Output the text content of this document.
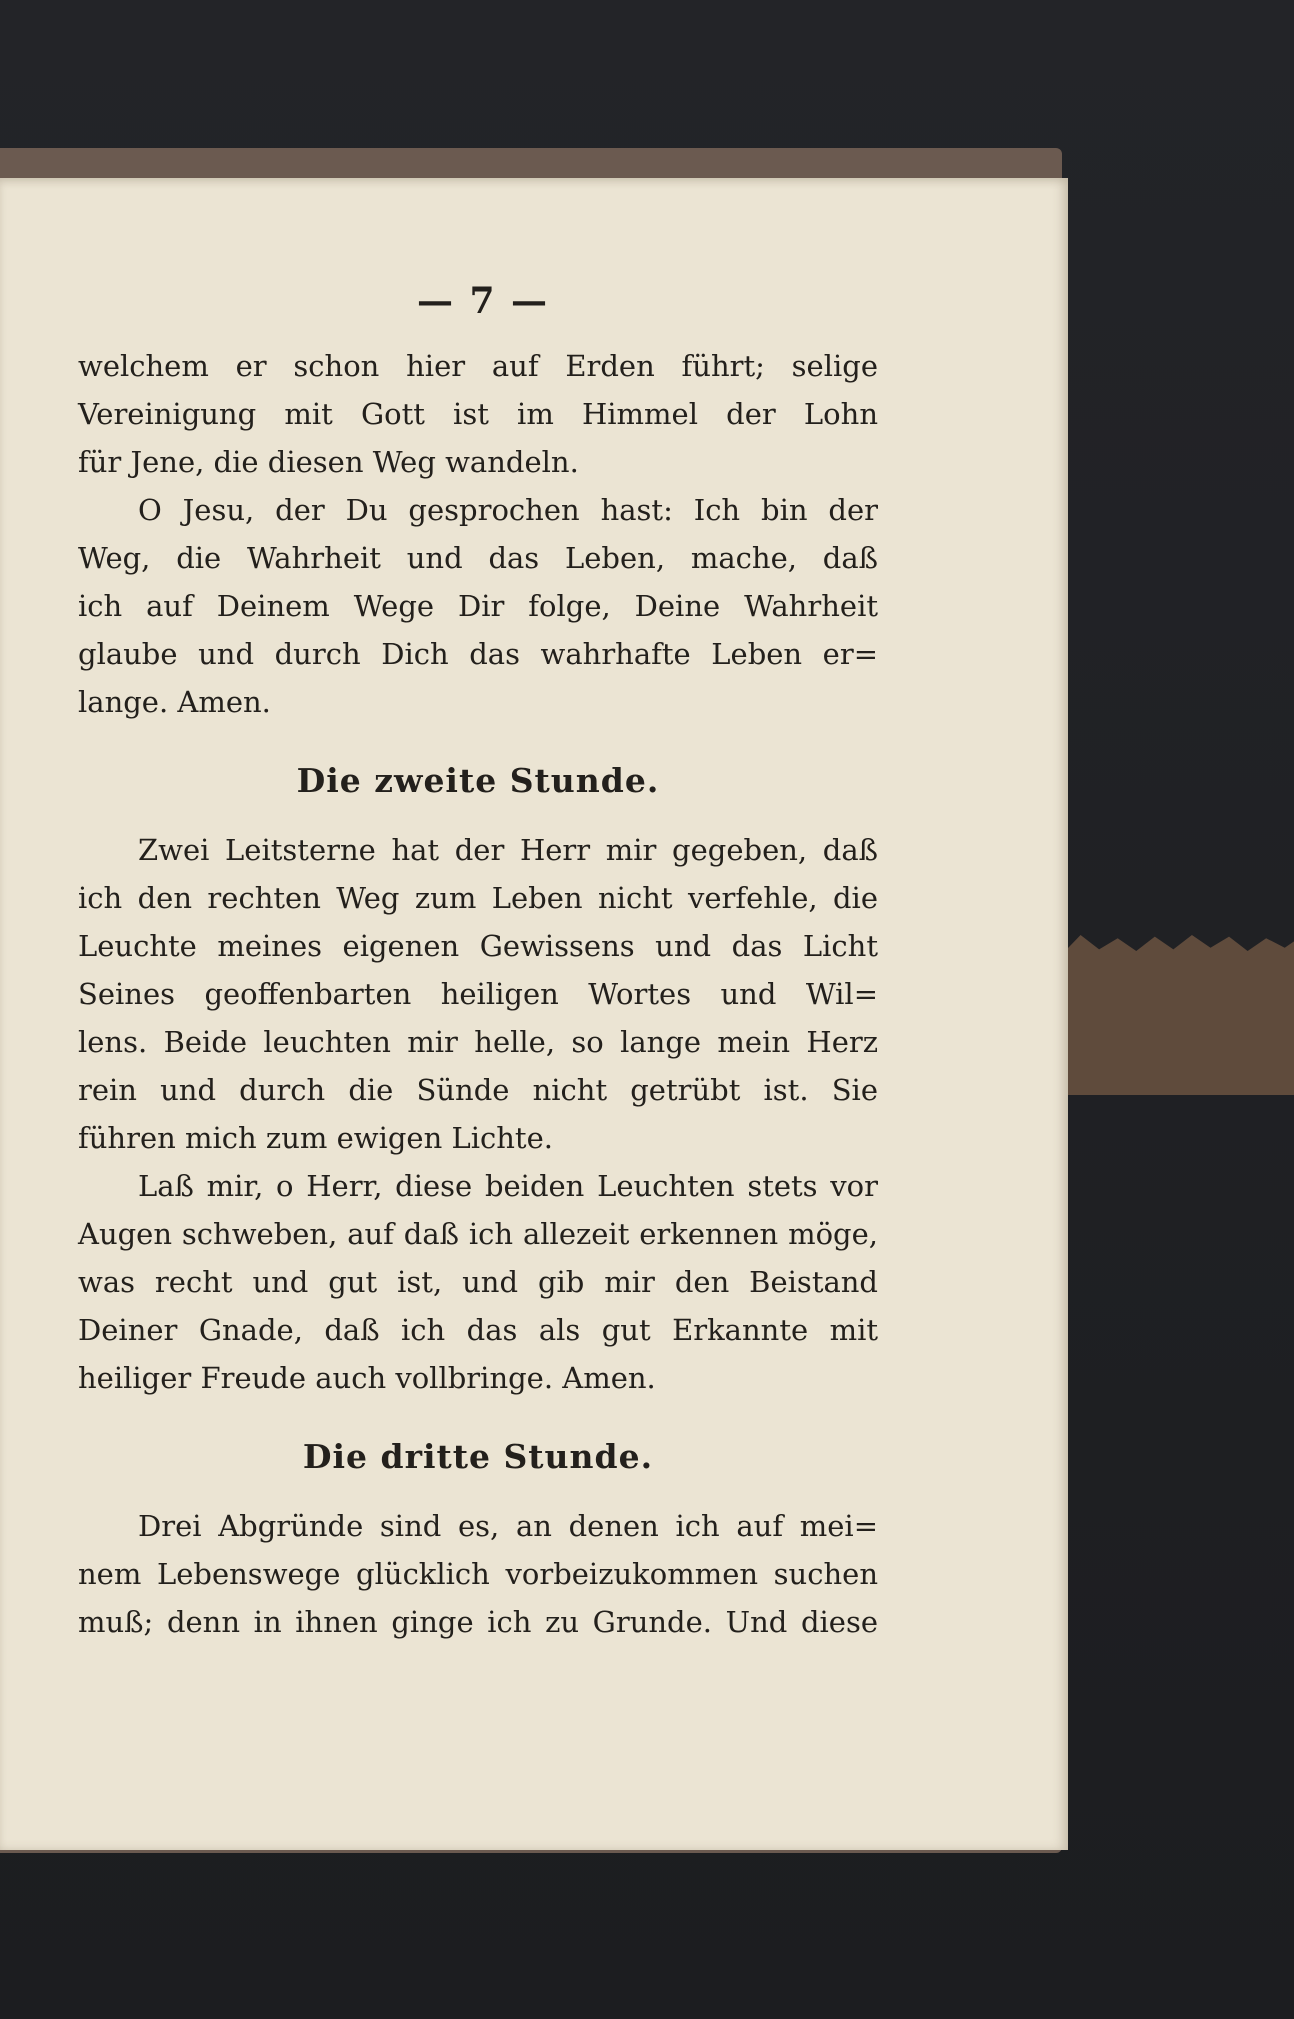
— 7 —
welchem er schon hier auf Erden führt; selige
Vereinigung mit Gott ist im Himmel der Lohn
für Jene, die diesen Weg wandeln.
O Jesu, der Du gesprochen hast: Ich bin der
Weg, die Wahrheit und das Leben, mache, daß
ich auf Deinem Wege Dir folge, Deine Wahrheit
glaube und durch Dich das wahrhafte Leben er=
lange. Amen.
Die zweite Stunde.
Zwei Leitsterne hat der Herr mir gegeben, daß
ich den rechten Weg zum Leben nicht verfehle, die
Leuchte meines eigenen Gewissens und das Licht
Seines geoffenbarten heiligen Wortes und Wil=
lens. Beide leuchten mir helle, so lange mein Herz
rein und durch die Sünde nicht getrübt ist. Sie
führen mich zum ewigen Lichte.
Laß mir, o Herr, diese beiden Leuchten stets vor
Augen schweben, auf daß ich allezeit erkennen möge,
was recht und gut ist, und gib mir den Beistand
Deiner Gnade, daß ich das als gut Erkannte mit
heiliger Freude auch vollbringe. Amen.
Die dritte Stunde.
Drei Abgründe sind es, an denen ich auf mei=
nem Lebenswege glücklich vorbeizukommen suchen
muß; denn in ihnen ginge ich zu Grunde. Und diese
